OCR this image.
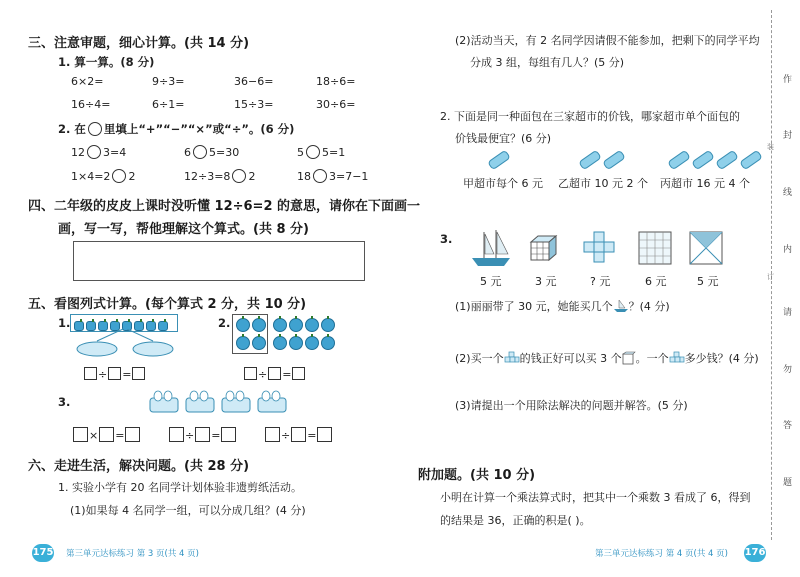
三、注意审题，细心计算。(共 14 分)
1. 算一算。(8 分)
6×2=	9÷3=	36−6=	18÷6=
16÷4=	6÷1=	15÷3=	30÷6=
2. 在 里填上“+”“−”“×”或“÷”。(6 分)
12 3=4	6 5=30	5 5=1
1×4=2 2	12÷3=8 2	18 3=7−1
四、二年级的皮皮上课时没听懂 12÷6=2 的意思，请你在下面画一
画，写一写，帮他理解这个算式。(共 8 分)
五、看图列式计算。(每个算式 2 分，共 10 分)
1.
÷ =
2.

÷ =
3.
× =	÷ =	÷ =
六、走进生活，解决问题。(共 28 分)
1. 实验小学有 20 名同学计划体验非遗剪纸活动。
(1)如果每 4 名同学一组，可以分成几组？(4 分)
175 第三单元达标练习 第 3 页(共 4 页)
(2)活动当天，有 2 名同学因请假不能参加，把剩下的同学平均
分成 3 组，每组有几人？(5 分)
2. 下面是同一种面包在三家超市的价钱，哪家超市单个面包的
价钱最便宜？(6 分)
甲超市每个 6 元 乙超市 10 元 2 个 丙超市 16 元 4 个
3.
5 元	3 元	? 元	6 元	5 元
(1)丽丽带了 30 元，她能买几个 ？(4 分)
(2)买一个 的钱正好可以买 3 个 。一个 多少钱？(4 分)
(3)请提出一个用除法解决的问题并解答。(5 分)
附加题。(共 10 分)
小明在计算一个乘法算式时，把其中一个乘数 3 看成了 6，得到
的结果是 36，正确的积是( )。
第三单元达标练习 第 4 页(共 4 页) 176
作
封
线
内
请
勿
答
题
装
订
